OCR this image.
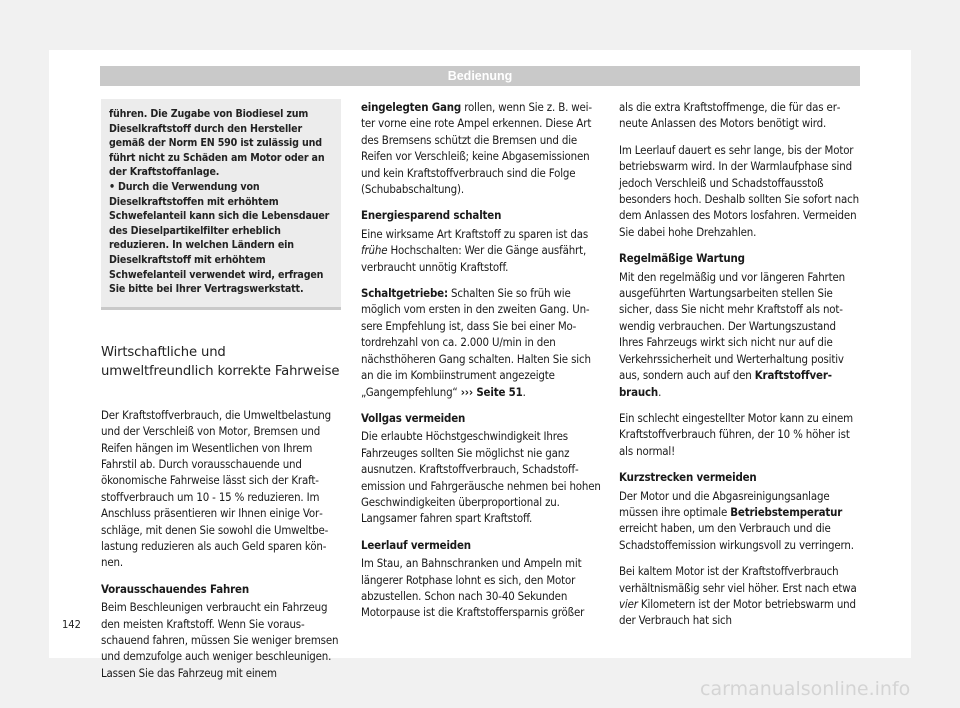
Bedienung

führen. Die Zugabe von Biodiesel zum Dieselkraftstoff durch den Hersteller gemäß der Norm EN 590 ist zulässig und führt nicht zu Schäden am Motor oder an der Kraftstoffanlage.

• Durch die Verwendung von Dieselkraftstoffen mit erhöhtem Schwefelanteil kann sich die Lebensdauer des Dieselpartikelfilter erheblich reduzieren. In welchen Ländern ein Dieselkraftstoff mit erhöhtem Schwefelanteil verwendet wird, erfragen Sie bitte bei Ihrer Vertragswerkstatt.

Wirtschaftliche und umweltfreundlich korrekte Fahrweise

Der Kraftstoffverbrauch, die Umweltbelastung und der Verschleiß von Motor, Bremsen und Reifen hängen im Wesentlichen von Ihrem Fahrstil ab. Durch vorausschauende und ökonomische Fahrweise lässt sich der Kraftstoffverbrauch um 10 - 15 % reduzieren. Im Anschluss präsentieren wir Ihnen einige Vorschläge, mit denen Sie sowohl die Umweltbelastung reduzieren als auch Geld sparen können.

Vorausschauendes Fahren

Beim Beschleunigen verbraucht ein Fahrzeug den meisten Kraftstoff. Wenn Sie vorausschauend fahren, müssen Sie weniger bremsen und demzufolge auch weniger beschleunigen. Lassen Sie das Fahrzeug mit einem

eingelegten Gang rollen, wenn Sie z. B. weiter vorne eine rote Ampel erkennen. Diese Art des Bremsens schützt die Bremsen und die Reifen vor Verschleiß; keine Abgasemissionen und kein Kraftstoffverbrauch sind die Folge (Schubabschaltung).

Energiesparend schalten

Eine wirksame Art Kraftstoff zu sparen ist das frühe Hochschalten: Wer die Gänge ausfährt, verbraucht unnötig Kraftstoff.

Schaltgetriebe: Schalten Sie so früh wie möglich vom ersten in den zweiten Gang. Unsere Empfehlung ist, dass Sie bei einer Motordrehzahl von ca. 2.000 U/min in den nächsthöheren Gang schalten. Halten Sie sich an die im Kombiinstrument angezeigte „Gangempfehlung“ ››› Seite 51.

Vollgas vermeiden

Die erlaubte Höchstgeschwindigkeit Ihres Fahrzeuges sollten Sie möglichst nie ganz ausnutzen. Kraftstoffverbrauch, Schadstoffemission und Fahrgeräusche nehmen bei hohen Geschwindigkeiten überproportional zu. Langsamer fahren spart Kraftstoff.

Leerlauf vermeiden

Im Stau, an Bahnschranken und Ampeln mit längerer Rotphase lohnt es sich, den Motor abzustellen. Schon nach 30-40 Sekunden Motorpause ist die Kraftstoffersparnis größer

als die extra Kraftstoffmenge, die für das erneute Anlassen des Motors benötigt wird.

Im Leerlauf dauert es sehr lange, bis der Motor betriebswarm wird. In der Warmlaufphase sind jedoch Verschleiß und Schadstoffausstoß besonders hoch. Deshalb sollten Sie sofort nach dem Anlassen des Motors losfahren. Vermeiden Sie dabei hohe Drehzahlen.

Regelmäßige Wartung

Mit den regelmäßig und vor längeren Fahrten ausgeführten Wartungsarbeiten stellen Sie sicher, dass Sie nicht mehr Kraftstoff als notwendig verbrauchen. Der Wartungszustand Ihres Fahrzeugs wirkt sich nicht nur auf die Verkehrssicherheit und Werterhaltung positiv aus, sondern auch auf den Kraftstoffverbrauch.

Ein schlecht eingestellter Motor kann zu einem Kraftstoffverbrauch führen, der 10 % höher ist als normal!

Kurzstrecken vermeiden

Der Motor und die Abgasreinigungsanlage müssen ihre optimale Betriebstemperatur erreicht haben, um den Verbrauch und die Schadstoffemission wirkungsvoll zu verringern.

Bei kaltem Motor ist der Kraftstoffverbrauch verhältnismäßig sehr viel höher. Erst nach etwa vier Kilometern ist der Motor betriebswarm und der Verbrauch hat sich

142
carmanualsonline.info
